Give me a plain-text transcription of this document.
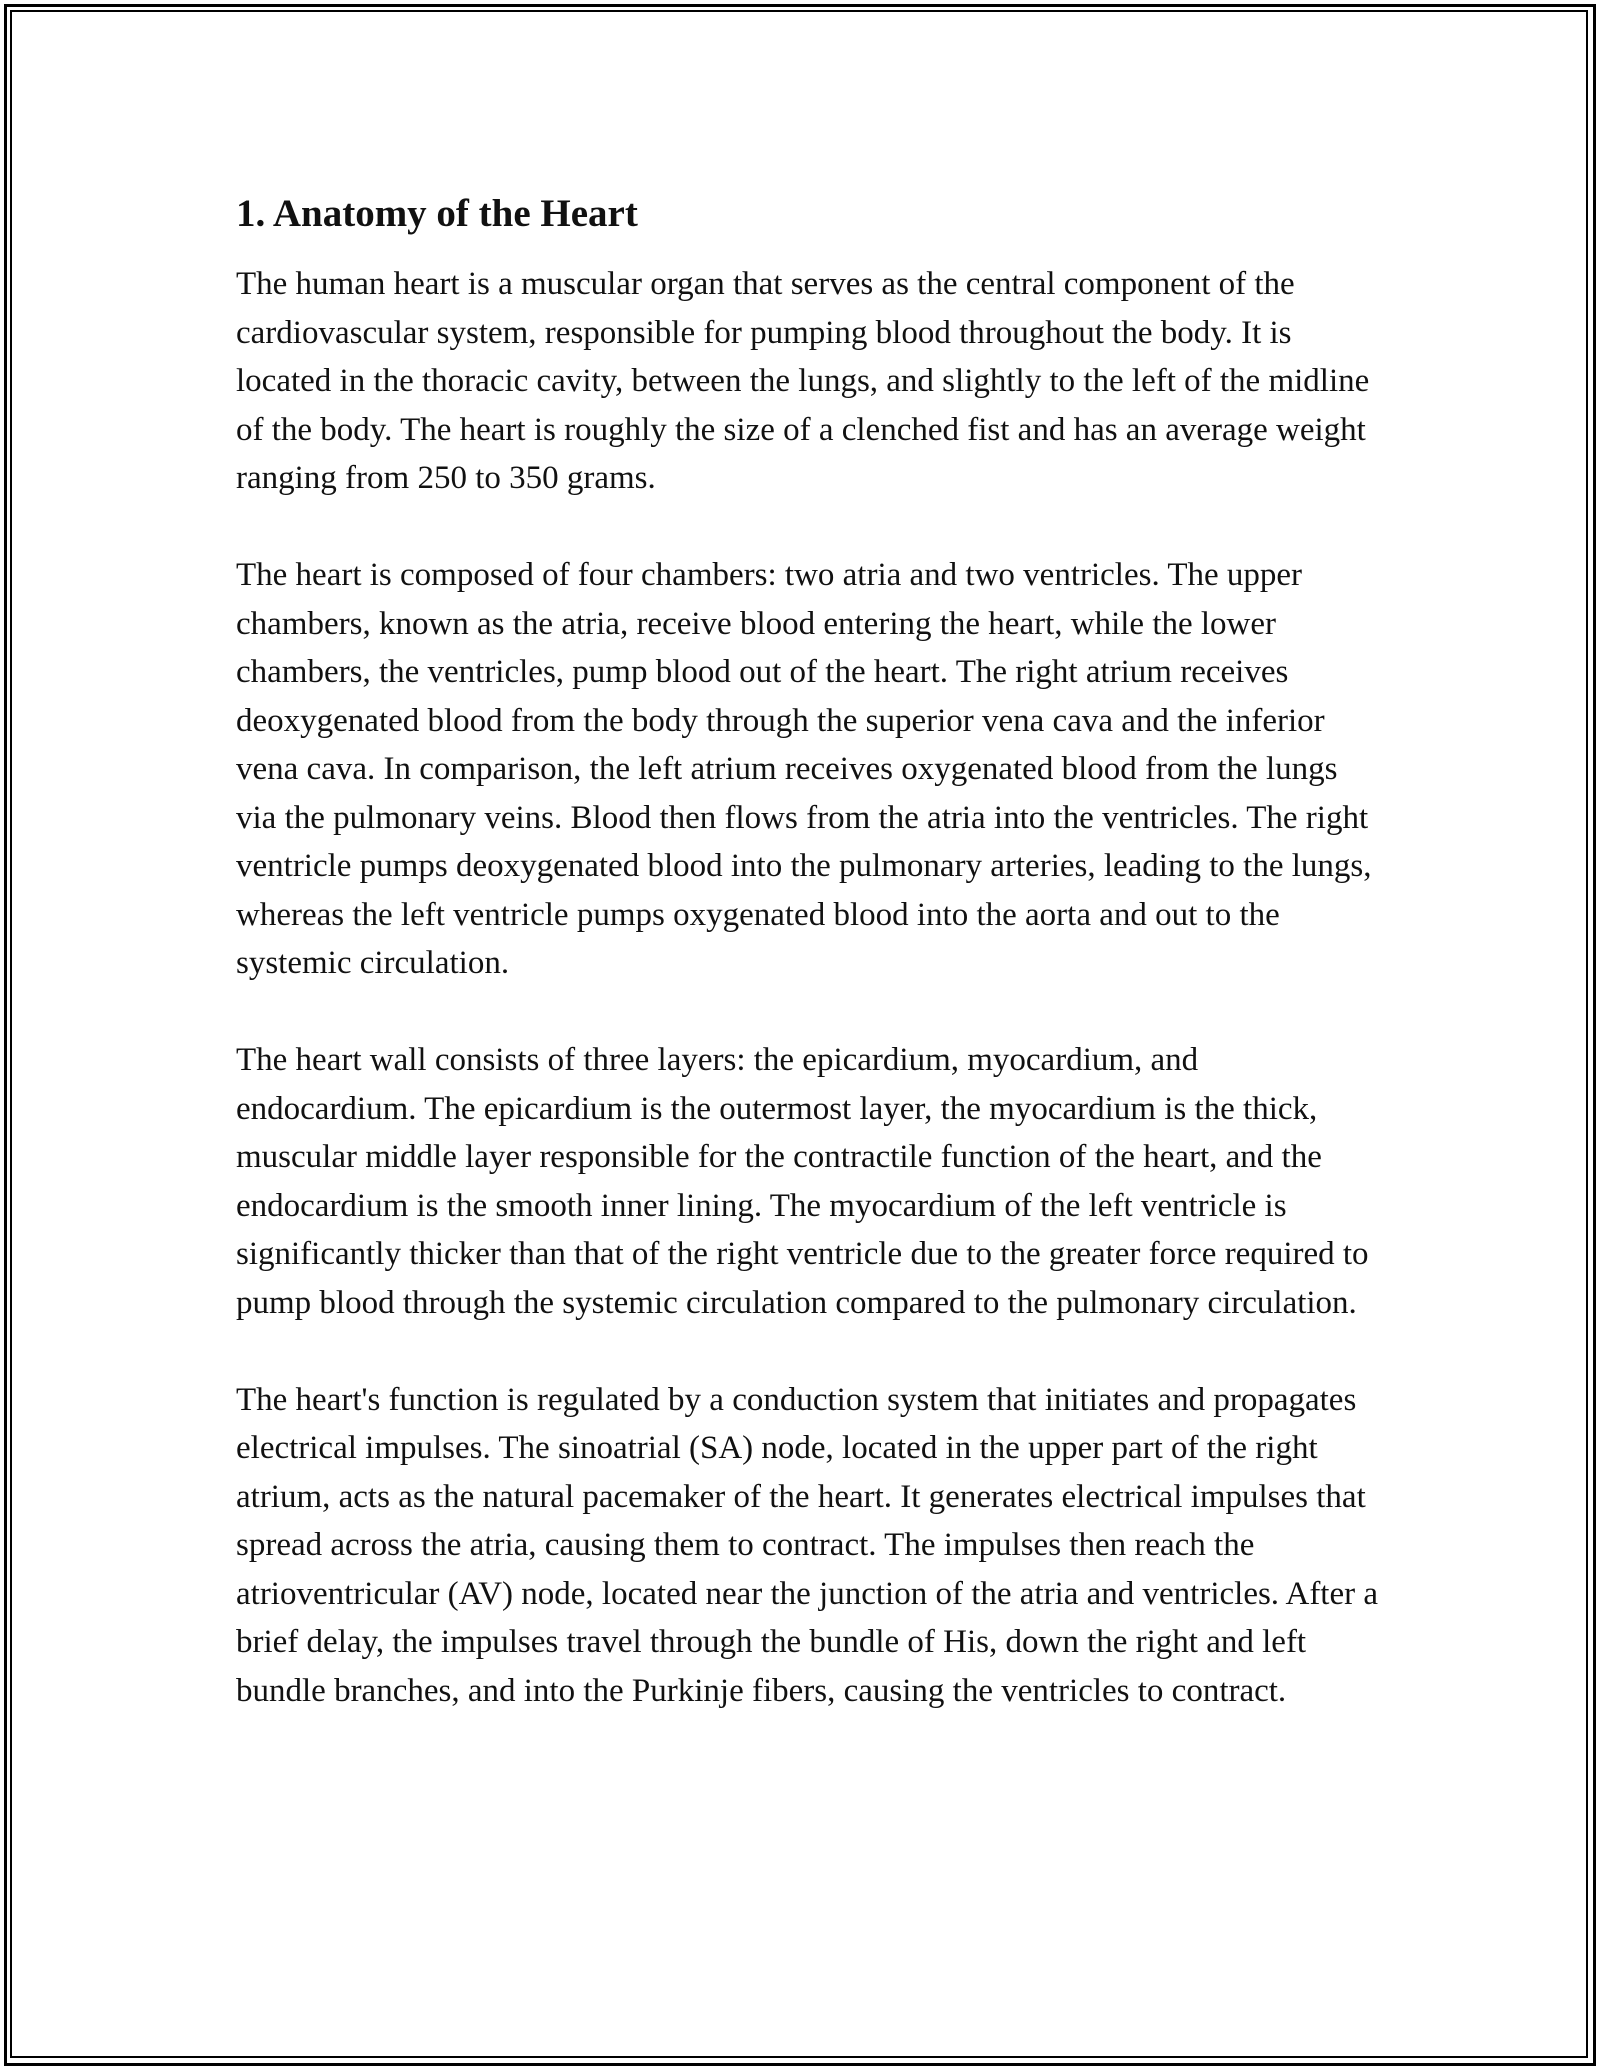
1. Anatomy of the Heart

The human heart is a muscular organ that serves as the central component of the cardiovascular system, responsible for pumping blood throughout the body. It is located in the thoracic cavity, between the lungs, and slightly to the left of the midline of the body. The heart is roughly the size of a clenched fist and has an average weight ranging from 250 to 350 grams.

The heart is composed of four chambers: two atria and two ventricles. The upper chambers, known as the atria, receive blood entering the heart, while the lower chambers, the ventricles, pump blood out of the heart. The right atrium receives deoxygenated blood from the body through the superior vena cava and the inferior vena cava. In comparison, the left atrium receives oxygenated blood from the lungs via the pulmonary veins. Blood then flows from the atria into the ventricles. The right ventricle pumps deoxygenated blood into the pulmonary arteries, leading to the lungs, whereas the left ventricle pumps oxygenated blood into the aorta and out to the systemic circulation.

The heart wall consists of three layers: the epicardium, myocardium, and endocardium. The epicardium is the outermost layer, the myocardium is the thick, muscular middle layer responsible for the contractile function of the heart, and the endocardium is the smooth inner lining. The myocardium of the left ventricle is significantly thicker than that of the right ventricle due to the greater force required to pump blood through the systemic circulation compared to the pulmonary circulation.

The heart's function is regulated by a conduction system that initiates and propagates electrical impulses. The sinoatrial (SA) node, located in the upper part of the right atrium, acts as the natural pacemaker of the heart. It generates electrical impulses that spread across the atria, causing them to contract. The impulses then reach the atrioventricular (AV) node, located near the junction of the atria and ventricles. After a brief delay, the impulses travel through the bundle of His, down the right and left bundle branches, and into the Purkinje fibers, causing the ventricles to contract.
